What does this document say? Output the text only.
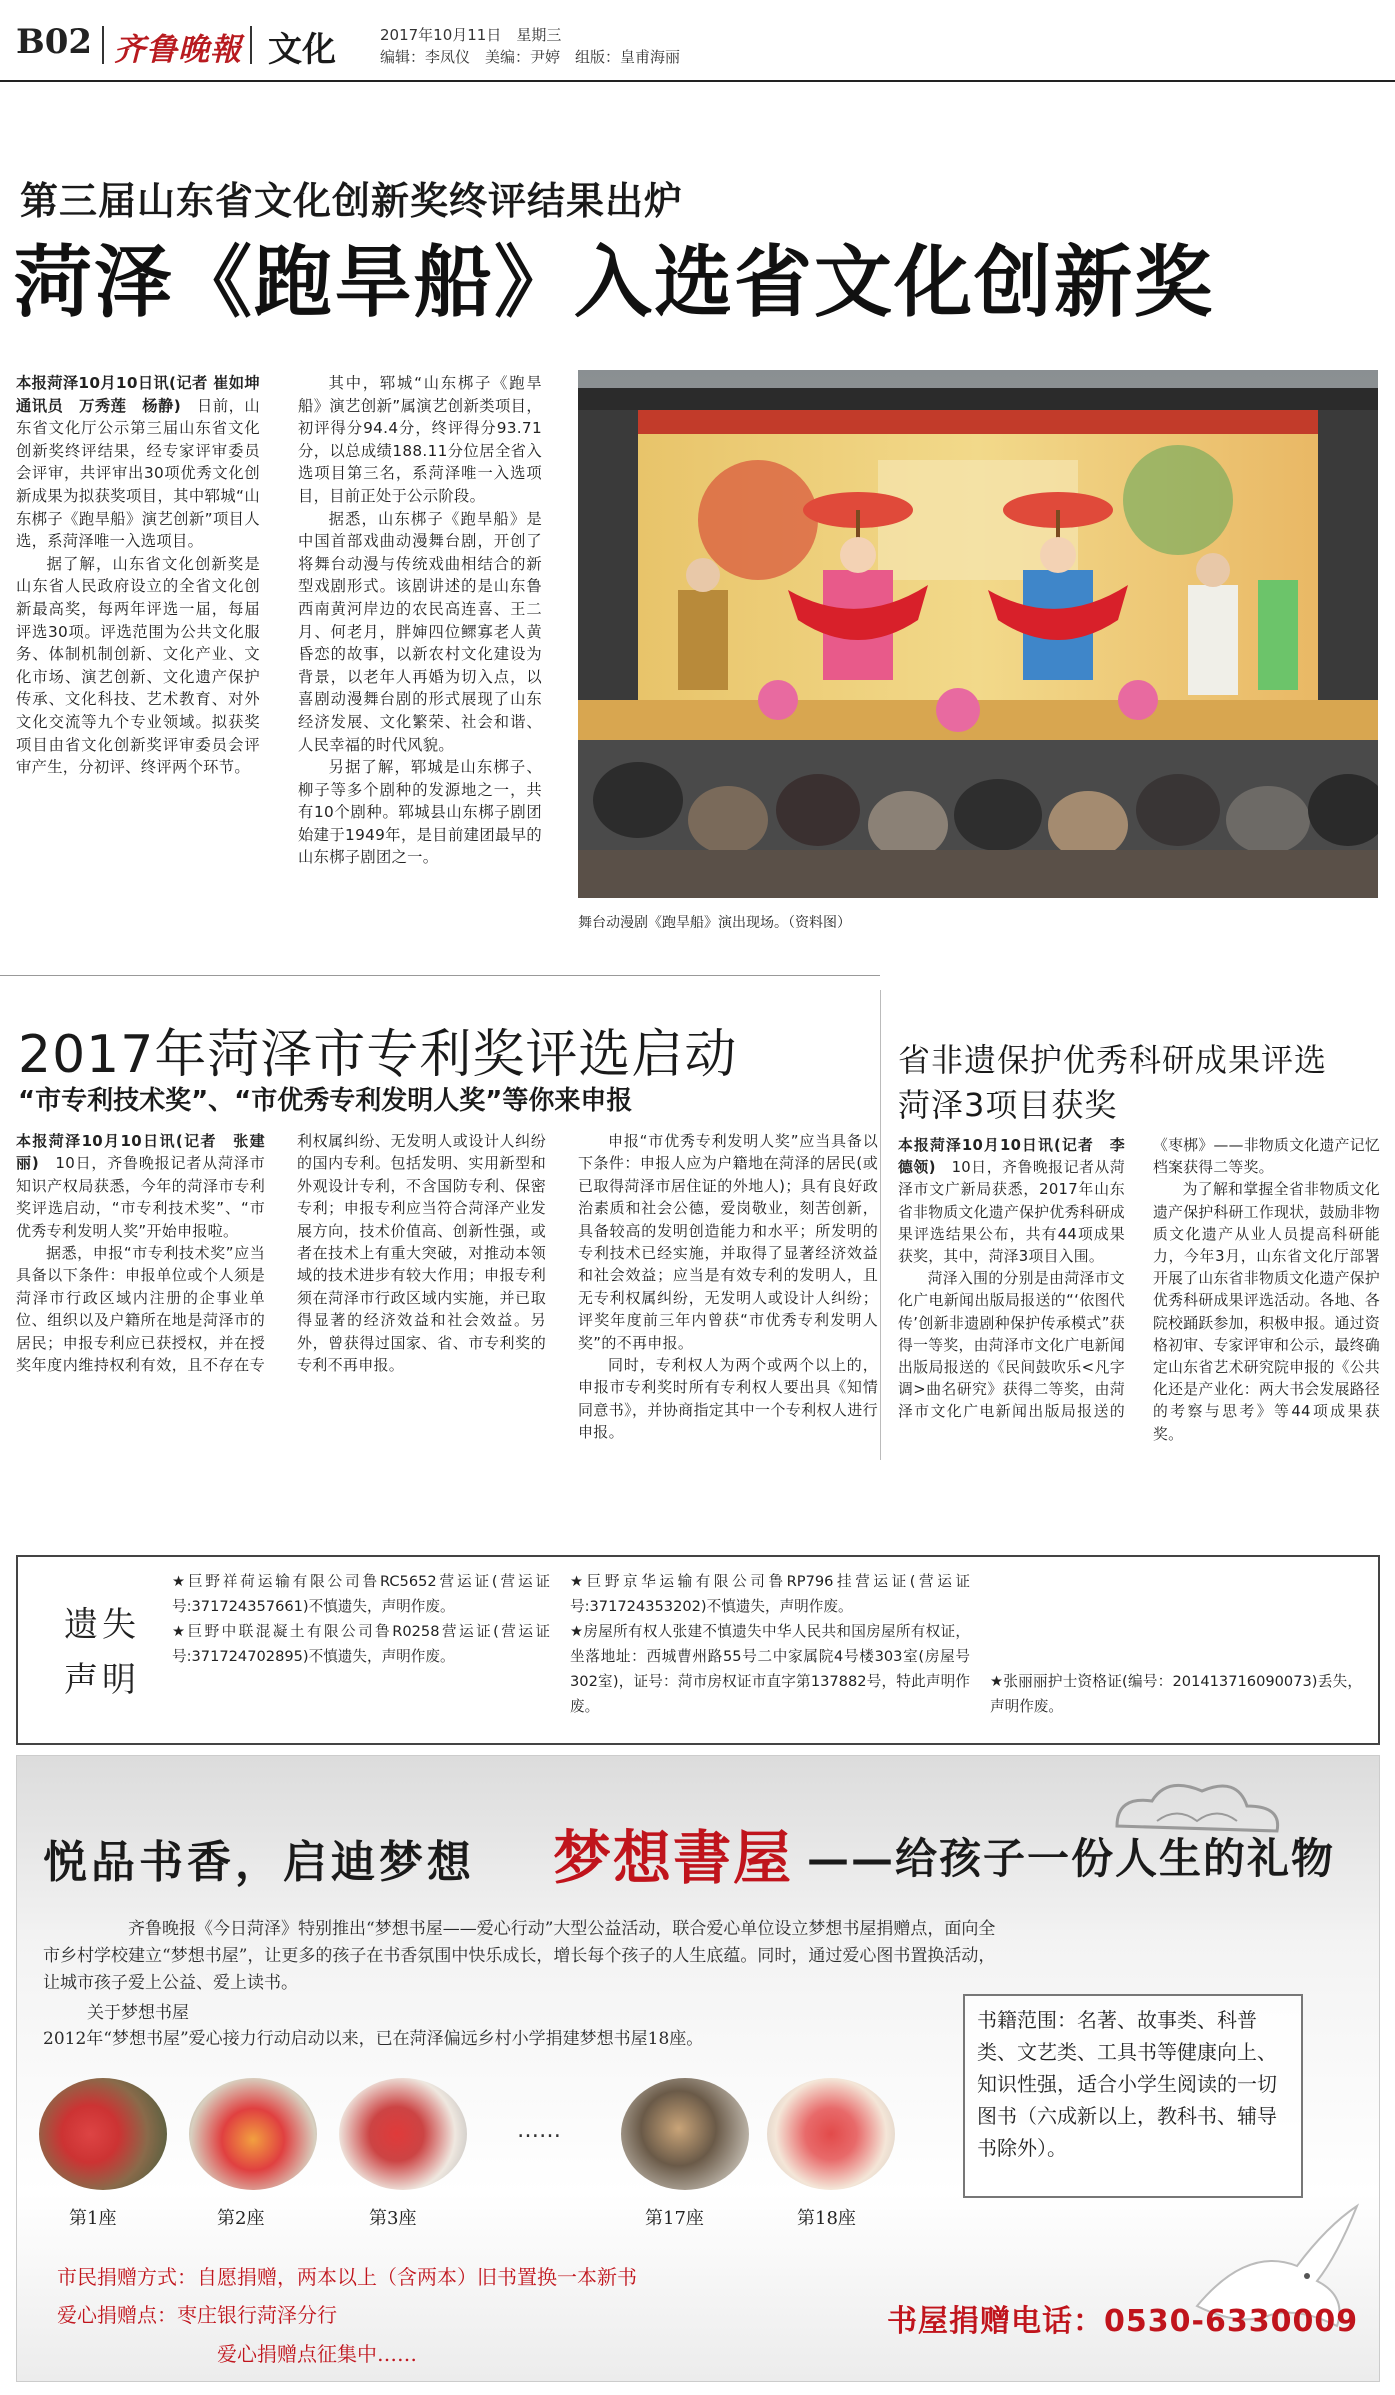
B02 齐鲁晚報 文化	2017年10月11日　星期三
编辑：李凤仪　美编：尹婷　组版：皇甫海丽
第三届山东省文化创新奖终评结果出炉
菏泽《跑旱船》入选省文化创新奖

本报菏泽10月10日讯(记者 崔如坤　通讯员　万秀莲　杨静)　日前，山东省文化厅公示第三届山东省文化创新奖终评结果，经专家评审委员会评审，共评审出30项优秀文化创新成果为拟获奖项目，其中郓城“山东梆子《跑旱船》演艺创新”项目人选，系菏泽唯一入选项目。

据了解，山东省文化创新奖是山东省人民政府设立的全省文化创新最高奖，每两年评选一届，每届评选30项。评选范围为公共文化服务、体制机制创新、文化产业、文化市场、演艺创新、文化遗产保护传承、文化科技、艺术教育、对外文化交流等九个专业领域。拟获奖项目由省文化创新奖评审委员会评审产生，分初评、终评两个环节。

其中，郓城“山东梆子《跑旱船》演艺创新”属演艺创新类项目，初评得分94.4分，终评得分93.71分，以总成绩188.11分位居全省入选项目第三名，系菏泽唯一入选项目，目前正处于公示阶段。

据悉，山东梆子《跑旱船》是中国首部戏曲动漫舞台剧，开创了将舞台动漫与传统戏曲相结合的新型戏剧形式。该剧讲述的是山东鲁西南黄河岸边的农民高连喜、王二月、何老月，胖婶四位鳏寡老人黄昏恋的故事，以新农村文化建设为背景，以老年人再婚为切入点，以喜剧动漫舞台剧的形式展现了山东经济发展、文化繁荣、社会和谐、人民幸福的时代风貌。

另据了解，郓城是山东梆子、柳子等多个剧种的发源地之一，共有10个剧种。郓城县山东梆子剧团始建于1949年，是目前建团最早的山东梆子剧团之一。

舞台动漫剧《跑旱船》演出现场。（资料图）
2017年菏泽市专利奖评选启动
“市专利技术奖”、“市优秀专利发明人奖”等你来申报

本报菏泽10月10日讯(记者　张建丽)　10日，齐鲁晚报记者从菏泽市知识产权局获悉，今年的菏泽市专利奖评选启动，“市专利技术奖”、“市优秀专利发明人奖”开始申报啦。

据悉，申报“市专利技术奖”应当具备以下条件：申报单位或个人须是菏泽市行政区域内注册的企事业单位、组织以及户籍所在地是菏泽市的居民；申报专利应已获授权，并在授奖年度内维持权利有效，且不存在专利权属纠纷、无发明人或设计人纠纷的国内专利。包括发明、实用新型和外观设计专利，不含国防专利、保密专利；申报专利应当符合菏泽产业发展方向，技术价值高、创新性强，或者在技术上有重大突破，对推动本领域的技术进步有较大作用；申报专利须在菏泽市行政区域内实施，并已取得显著的经济效益和社会效益。另外，曾获得过国家、省、市专利奖的专利不再申报。

申报“市优秀专利发明人奖”应当具备以下条件：申报人应为户籍地在菏泽的居民(或已取得菏泽市居住证的外地人)；具有良好政治素质和社会公德，爱岗敬业，刻苦创新，具备较高的发明创造能力和水平；所发明的专利技术已经实施，并取得了显著经济效益和社会效益；应当是有效专利的发明人，且无专利权属纠纷，无发明人或设计人纠纷；评奖年度前三年内曾获“市优秀专利发明人奖”的不再申报。

同时，专利权人为两个或两个以上的，申报市专利奖时所有专利权人要出具《知情同意书》，并协商指定其中一个专利权人进行申报。

省非遗保护优秀科研成果评选
菏泽3项目获奖

本报菏泽10月10日讯(记者　李德领)　10日，齐鲁晚报记者从菏泽市文广新局获悉，2017年山东省非物质文化遗产保护优秀科研成果评选结果公布，共有44项成果获奖，其中，菏泽3项目入围。

菏泽入围的分别是由菏泽市文化广电新闻出版局报送的“‘依图代传’创新非遗剧种保护传承模式”获得一等奖，由菏泽市文化广电新闻出版局报送的《民间鼓吹乐<凡字调>曲名研究》获得二等奖，由菏泽市文化广电新闻出版局报送的《枣梆》——非物质文化遗产记忆档案获得二等奖。

为了解和掌握全省非物质文化遗产保护科研工作现状，鼓励非物质文化遗产从业人员提高科研能力，今年3月，山东省文化厅部署开展了山东省非物质文化遗产保护优秀科研成果评选活动。各地、各院校踊跃参加，积极申报。通过资格初审、专家评审和公示，最终确定山东省艺术研究院申报的《公共化还是产业化：两大书会发展路径的考察与思考》等44项成果获奖。

遗失
声明
★巨野祥荷运输有限公司鲁RC5652营运证(营运证号:371724357661)不慎遗失，声明作废。
★巨野中联混凝土有限公司鲁R0258营运证(营运证号:371724702895)不慎遗失，声明作废。
★巨野京华运输有限公司鲁RP796挂营运证(营运证号:371724353202)不慎遗失，声明作废。
★房屋所有权人张建不慎遗失中华人民共和国房屋所有权证，坐落地址：西城曹州路55号二中家属院4号楼303室(房屋号302室)，证号：菏市房权证市直字第137882号，特此声明作废。
★张丽丽护士资格证(编号：201413716090073)丢失，声明作废。
悦品书香，启迪梦想 梦想書屋 ——给孩子一份人生的礼物
齐鲁晚报《今日菏泽》特别推出“梦想书屋——爱心行动”大型公益活动，联合爱心单位设立梦想书屋捐赠点，面向全市乡村学校建立“梦想书屋”，让更多的孩子在书香氛围中快乐成长，增长每个孩子的人生底蕴。同时，通过爱心图书置换活动，让城市孩子爱上公益、爱上读书。
关于梦想书屋
2012年“梦想书屋”爱心接力行动启动以来，已在菏泽偏远乡村小学捐建梦想书屋18座。
第1座	第2座	第3座
……
第17座	第18座
书籍范围：名著、故事类、科普类、文艺类、工具书等健康向上、知识性强，适合小学生阅读的一切图书（六成新以上，教科书、辅导书除外）。
市民捐赠方式：自愿捐赠，两本以上（含两本）旧书置换一本新书
爱心捐赠点：枣庄银行菏泽分行
爱心捐赠点征集中……
书屋捐赠电话：0530-6330009
